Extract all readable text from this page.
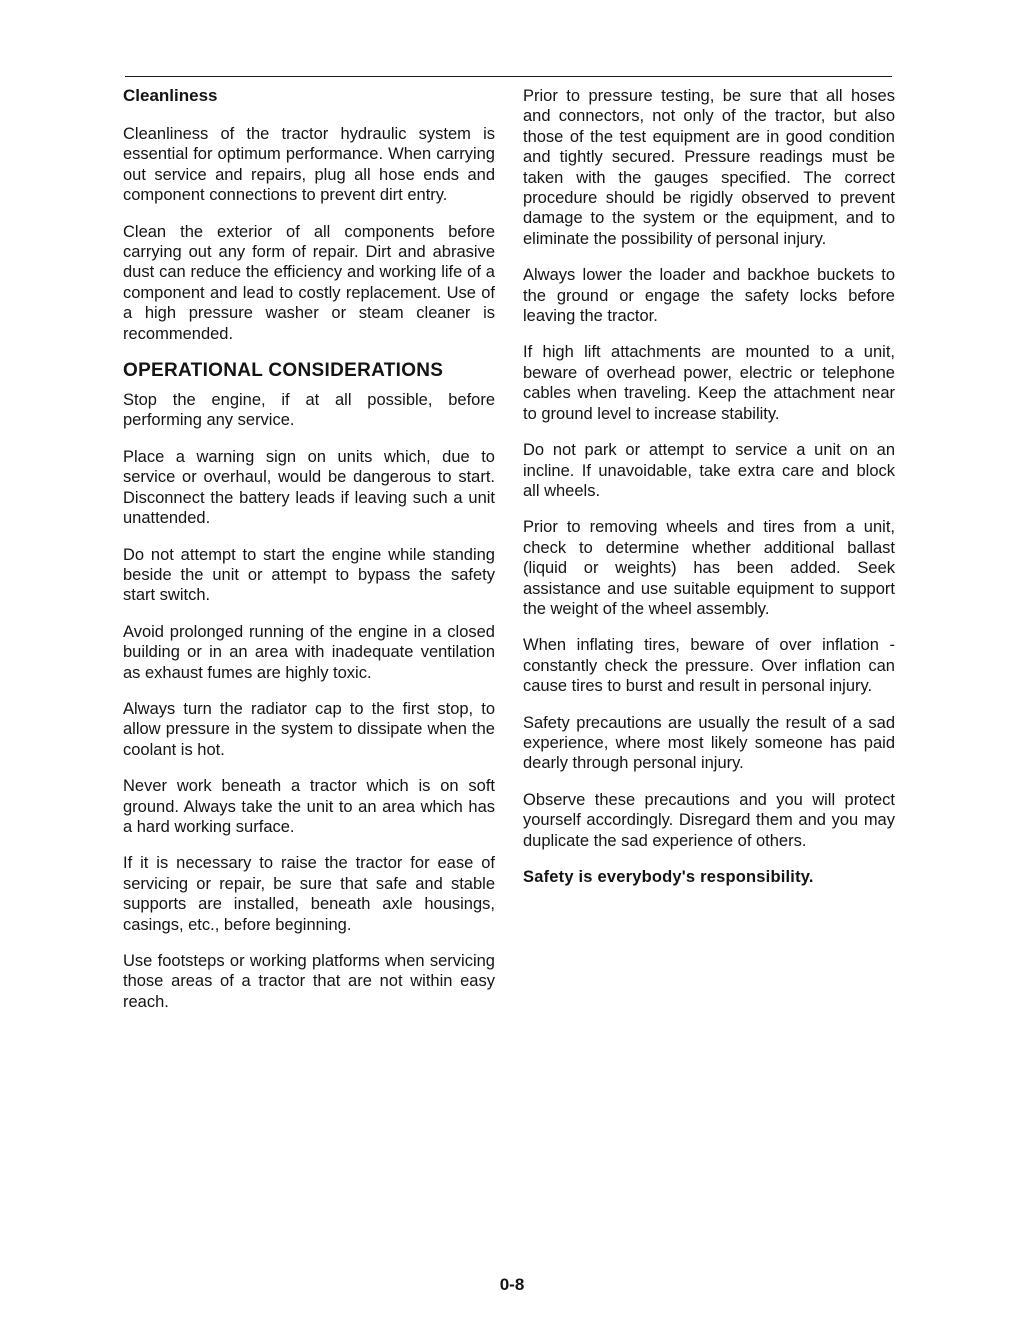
Cleanliness

Cleanliness of the tractor hydraulic system is essential for optimum performance. When carrying out service and repairs, plug all hose ends and component connections to prevent dirt entry.

Clean the exterior of all components before carrying out any form of repair. Dirt and abrasive dust can reduce the efficiency and working life of a component and lead to costly replacement. Use of a high pressure washer or steam cleaner is recommended.

OPERATIONAL CONSIDERATIONS

Stop the engine, if at all possible, before performing any service.

Place a warning sign on units which, due to service or overhaul, would be dangerous to start. Disconnect the battery leads if leaving such a unit unattended.

Do not attempt to start the engine while standing beside the unit or attempt to bypass the safety start switch.

Avoid prolonged running of the engine in a closed building or in an area with inadequate ventilation as exhaust fumes are highly toxic.

Always turn the radiator cap to the first stop, to allow pressure in the system to dissipate when the coolant is hot.

Never work beneath a tractor which is on soft ground. Always take the unit to an area which has a hard working surface.

If it is necessary to raise the tractor for ease of servicing or repair, be sure that safe and stable supports are installed, beneath axle housings, casings, etc., before beginning.

Use footsteps or working platforms when servicing those areas of a tractor that are not within easy reach.

Prior to pressure testing, be sure that all hoses and connectors, not only of the tractor, but also those of the test equipment are in good condition and tightly secured. Pressure readings must be taken with the gauges specified. The correct procedure should be rigidly observed to prevent damage to the system or the equipment, and to eliminate the possibility of personal injury.

Always lower the loader and backhoe buckets to the ground or engage the safety locks before leaving the tractor.

If high lift attachments are mounted to a unit, beware of overhead power, electric or telephone cables when traveling. Keep the attachment near to ground level to increase stability.

Do not park or attempt to service a unit on an incline. If unavoidable, take extra care and block all wheels.

Prior to removing wheels and tires from a unit, check to determine whether additional ballast (liquid or weights) has been added. Seek assistance and use suitable equipment to support the weight of the wheel assembly.

When inflating tires, beware of over inflation - constantly check the pressure. Over inflation can cause tires to burst and result in personal injury.

Safety precautions are usually the result of a sad experience, where most likely someone has paid dearly through personal injury.

Observe these precautions and you will protect yourself accordingly. Disregard them and you may duplicate the sad experience of others.

Safety is everybody's responsibility.
0-8
